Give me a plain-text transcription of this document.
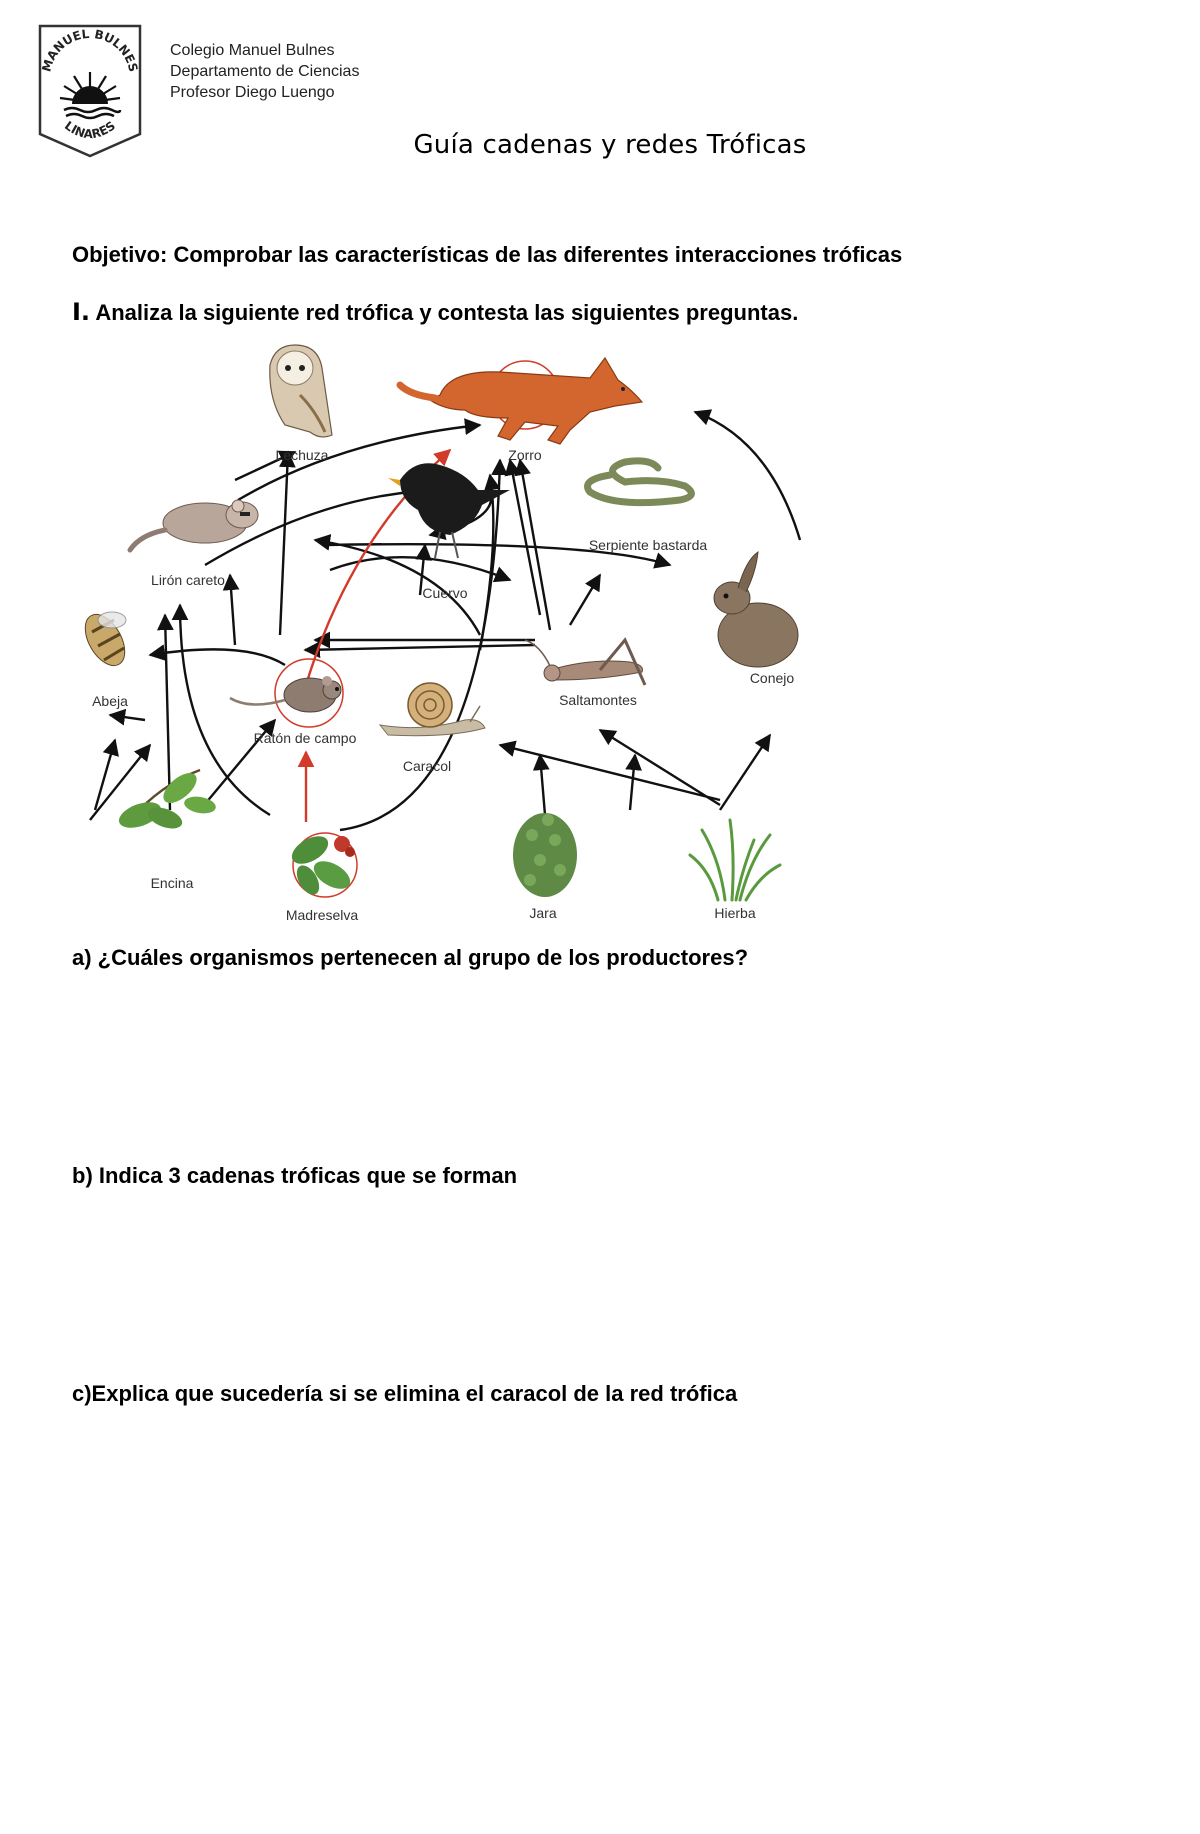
MANUEL BULNES
LINARES
Colegio Manuel Bulnes
Departamento de Ciencias
Profesor Diego Luengo
Guía cadenas y redes Tróficas
Objetivo: Comprobar las características de las diferentes interacciones tróficas
I. Analiza la siguiente red trófica y contesta las siguientes preguntas.
Lechuza	Zorro
Lirón careto
Cuervo
Serpiente bastarda
Abeja
Ratón de campo
Caracol
Saltamontes
Conejo
Encina
Madreselva	Jara	Hierba
a) ¿Cuáles organismos pertenecen al grupo de los productores?
b) Indica 3 cadenas tróficas que se forman
c)Explica que sucedería si se elimina el caracol de la red trófica
